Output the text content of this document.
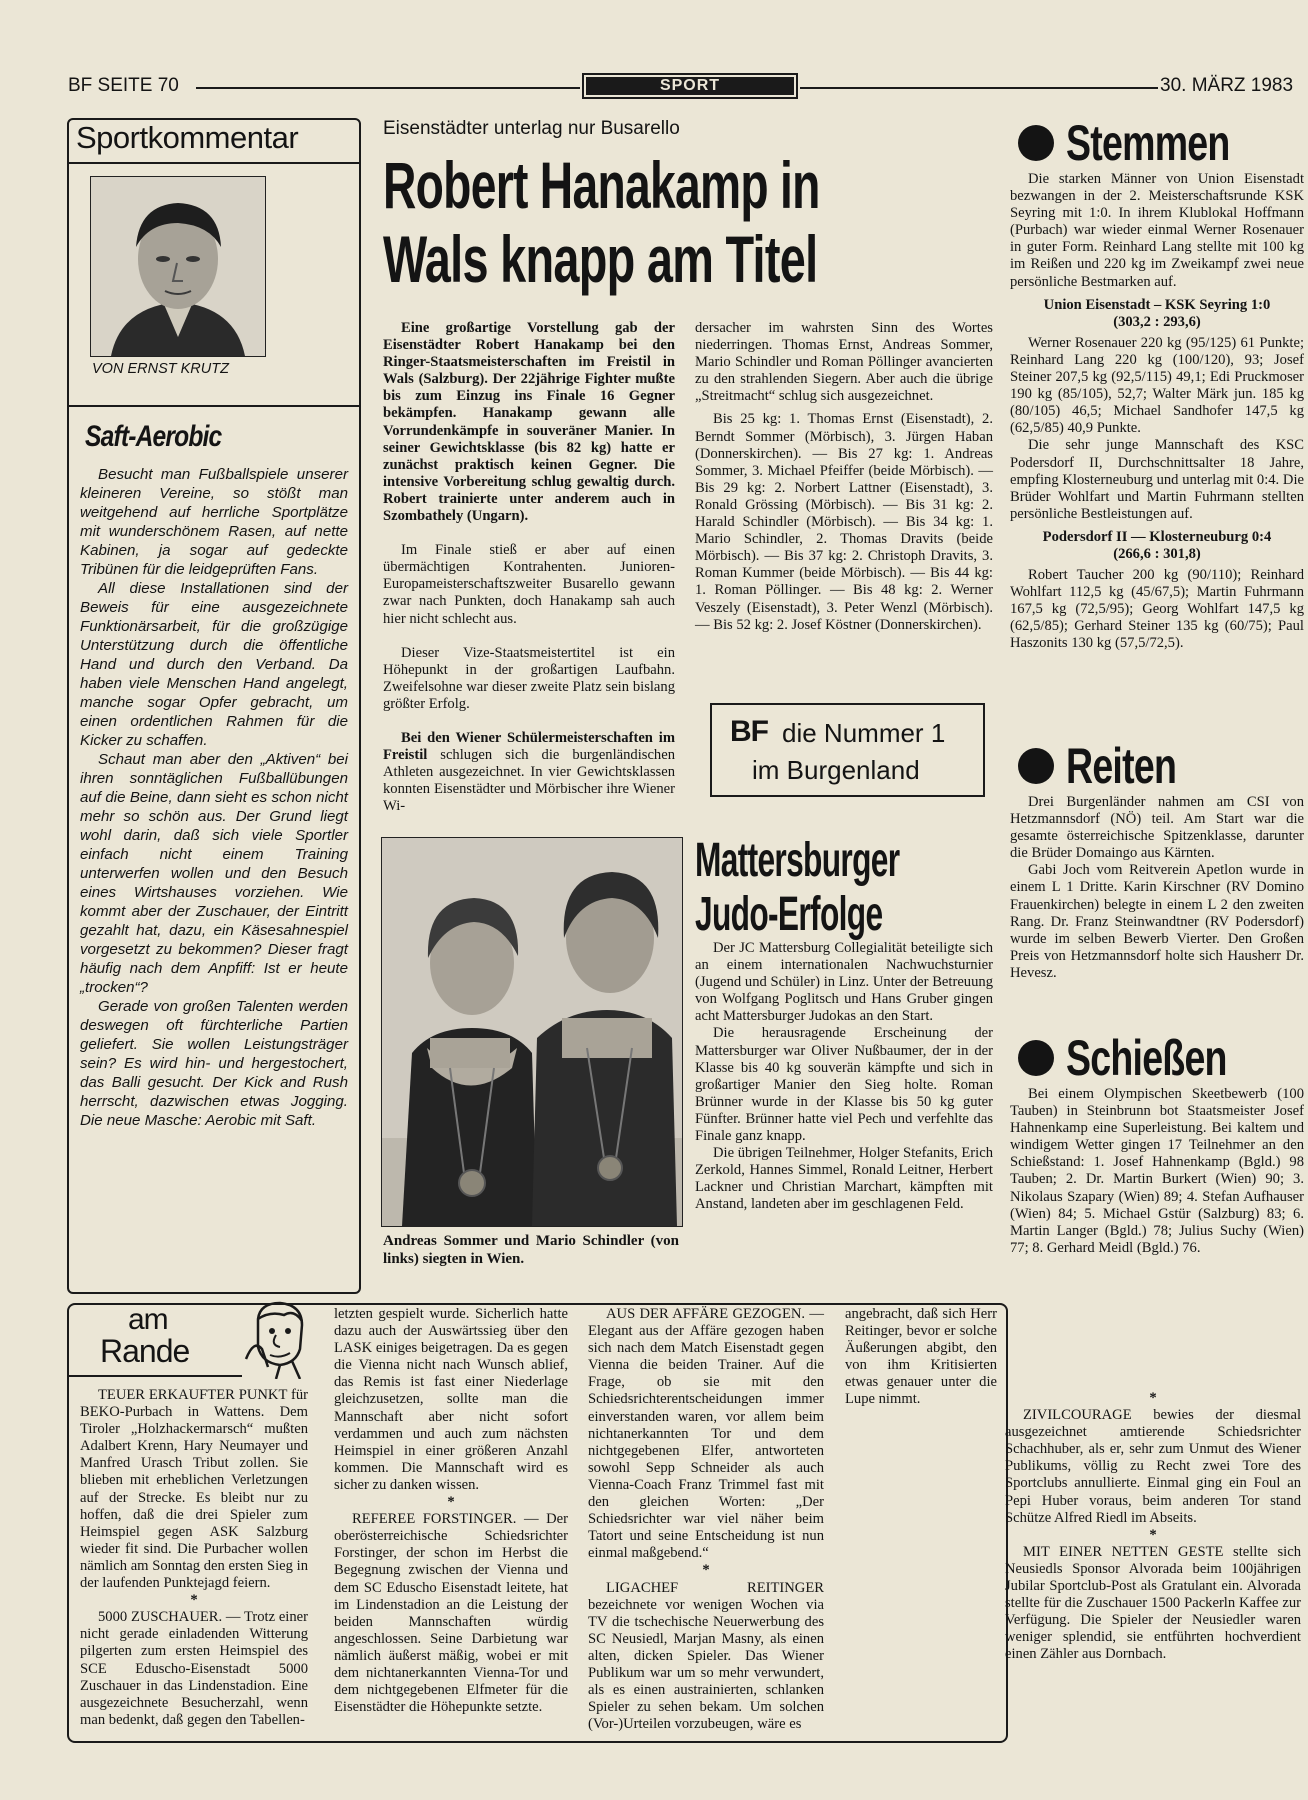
BF SEITE 70	SPORT	30. MÄRZ 1983
Sportkommentar
VON ERNST KRUTZ
Saft-Aerobic

Besucht man Fußballspiele unserer kleineren Vereine, so stößt man weitgehend auf herrliche Sportplätze mit wunderschönem Rasen, auf nette Kabinen, ja sogar auf gedeckte Tribünen für die leidgeprüften Fans.

All diese Installationen sind der Beweis für eine ausgezeichnete Funktionärsarbeit, für die großzügige Unterstützung durch die öffentliche Hand und durch den Verband. Da haben viele Menschen Hand angelegt, manche sogar Opfer gebracht, um einen ordentlichen Rahmen für die Kicker zu schaffen.

Schaut man aber den „Aktiven“ bei ihren sonntäglichen Fußballübungen auf die Beine, dann sieht es schon nicht mehr so schön aus. Der Grund liegt wohl darin, daß sich viele Sportler einfach nicht einem Training unterwerfen wollen und den Besuch eines Wirtshauses vorziehen. Wie kommt aber der Zuschauer, der Eintritt gezahlt hat, dazu, ein Käsesahnespiel vorgesetzt zu bekommen? Dieser fragt häufig nach dem Anpfiff: Ist er heute „trocken“?

Gerade von großen Talenten werden deswegen oft fürchterliche Partien geliefert. Sie wollen Leistungsträger sein? Es wird hin- und hergestochert, das Balli gesucht. Der Kick and Rush herrscht, dazwischen etwas Jogging. Die neue Masche: Aerobic mit Saft.

Eisenstädter unterlag nur Busarello
Robert Hanakamp in
Wals knapp am Titel

Eine großartige Vorstellung gab der Eisenstädter Robert Hanakamp bei den Ringer-Staatsmeisterschaften im Freistil in Wals (Salzburg). Der 22jährige Fighter mußte bis zum Einzug ins Finale 16 Gegner bekämpfen. Hanakamp gewann alle Vorrundenkämpfe in souveräner Manier. In seiner Gewichtsklasse (bis 82 kg) hatte er zunächst praktisch keinen Gegner. Die intensive Vorbereitung schlug gewaltig durch. Robert trainierte unter anderem auch in Szombathely (Ungarn).

Im Finale stieß er aber auf einen übermächtigen Kontrahenten. Junioren-Europameisterschaftszweiter Busarello gewann zwar nach Punkten, doch Hanakamp sah auch hier nicht schlecht aus.

Dieser Vize-Staatsmeistertitel ist ein Höhepunkt in der großartigen Laufbahn. Zweifelsohne war dieser zweite Platz sein bislang größter Erfolg.

Bei den Wiener Schülermeisterschaften im Freistil schlugen sich die burgenländischen Athleten ausgezeichnet. In vier Gewichtsklassen konnten Eisenstädter und Mörbischer ihre Wiener Wi-

dersacher im wahrsten Sinn des Wortes niederringen. Thomas Ernst, Andreas Sommer, Mario Schindler und Roman Pöllinger avancierten zu den strahlenden Siegern. Aber auch die übrige „Streitmacht“ schlug sich ausgezeichnet.

Bis 25 kg: 1. Thomas Ernst (Eisenstadt), 2. Berndt Sommer (Mörbisch), 3. Jürgen Haban (Donnerskirchen). — Bis 27 kg: 1. Andreas Sommer, 3. Michael Pfeiffer (beide Mörbisch). — Bis 29 kg: 2. Norbert Lattner (Eisenstadt), 3. Ronald Grössing (Mörbisch). — Bis 31 kg: 2. Harald Schindler (Mörbisch). — Bis 34 kg: 1. Mario Schindler, 2. Thomas Dravits (beide Mörbisch). — Bis 37 kg: 2. Christoph Dravits, 3. Roman Kummer (beide Mörbisch). — Bis 44 kg: 1. Roman Pöllinger. — Bis 48 kg: 2. Werner Veszely (Eisenstadt), 3. Peter Wenzl (Mörbisch). — Bis 52 kg: 2. Josef Köstner (Donnerskirchen).

BF die Nummer 1
im Burgenland

Andreas Sommer und Mario Schindler (von links) siegten in Wien.

Mattersburger
Judo-Erfolge

Der JC Mattersburg Collegialität beteiligte sich an einem internationalen Nachwuchsturnier (Jugend und Schüler) in Linz. Unter der Betreuung von Wolfgang Poglitsch und Hans Gruber gingen acht Mattersburger Judokas an den Start.

Die herausragende Erscheinung der Mattersburger war Oliver Nußbaumer, der in der Klasse bis 40 kg souverän kämpfte und sich in großartiger Manier den Sieg holte. Roman Brünner wurde in der Klasse bis 50 kg guter Fünfter. Brünner hatte viel Pech und verfehlte das Finale ganz knapp.

Die übrigen Teilnehmer, Holger Stefanits, Erich Zerkold, Hannes Simmel, Ronald Leitner, Herbert Lackner und Christian Marchart, kämpften mit Anstand, landeten aber im geschlagenen Feld.

Stemmen

Die starken Männer von Union Eisenstadt bezwangen in der 2. Meisterschaftsrunde KSK Seyring mit 1:0. In ihrem Klublokal Hoffmann (Purbach) war wieder einmal Werner Rosenauer in guter Form. Reinhard Lang stellte mit 100 kg im Reißen und 220 kg im Zweikampf zwei neue persönliche Bestmarken auf.

Union Eisenstadt – KSK Seyring 1:0

(303,2 : 293,6)

Werner Rosenauer 220 kg (95/125) 61 Punkte; Reinhard Lang 220 kg (100/120), 93; Josef Steiner 207,5 kg (92,5/115) 49,1; Edi Pruckmoser 190 kg (85/105), 52,7; Walter Märk jun. 185 kg (80/105) 46,5; Michael Sandhofer 147,5 kg (62,5/85) 40,9 Punkte.

Die sehr junge Mannschaft des KSC Podersdorf II, Durchschnittsalter 18 Jahre, empfing Klosterneuburg und unterlag mit 0:4. Die Brüder Wohlfart und Martin Fuhrmann stellten persönliche Bestleistungen auf.

Podersdorf II — Klosterneuburg 0:4

(266,6 : 301,8)

Robert Taucher 200 kg (90/110); Reinhard Wohlfart 112,5 kg (45/67,5); Martin Fuhrmann 167,5 kg (72,5/95); Georg Wohlfart 147,5 kg (62,5/85); Gerhard Steiner 135 kg (60/75); Paul Haszonits 130 kg (57,5/72,5).

Reiten

Drei Burgenländer nahmen am CSI von Hetzmannsdorf (NÖ) teil. Am Start war die gesamte österreichische Spitzenklasse, darunter die Brüder Domaingo aus Kärnten.

Gabi Joch vom Reitverein Apetlon wurde in einem L 1 Dritte. Karin Kirschner (RV Domino Frauenkirchen) belegte in einem L 2 den zweiten Rang. Dr. Franz Steinwandtner (RV Podersdorf) wurde im selben Bewerb Vierter. Den Großen Preis von Hetzmannsdorf holte sich Hausherr Dr. Hevesz.

Schießen

Bei einem Olympischen Skeetbewerb (100 Tauben) in Steinbrunn bot Staatsmeister Josef Hahnenkamp eine Superleistung. Bei kaltem und windigem Wetter gingen 17 Teilnehmer an den Schießstand: 1. Josef Hahnenkamp (Bgld.) 98 Tauben; 2. Dr. Martin Burkert (Wien) 90; 3. Nikolaus Szapary (Wien) 89; 4. Stefan Aufhauser (Wien) 84; 5. Michael Gstür (Salzburg) 83; 6. Martin Langer (Bgld.) 78; Julius Suchy (Wien) 77; 8. Gerhard Meidl (Bgld.) 76.

am
Rande

TEUER ERKAUFTER PUNKT für BEKO-Purbach in Wattens. Dem Tiroler „Holzhackermarsch“ mußten Adalbert Krenn, Hary Neumayer und Manfred Urasch Tribut zollen. Sie blieben mit erheblichen Verletzungen auf der Strecke. Es bleibt nur zu hoffen, daß die drei Spieler zum Heimspiel gegen ASK Salzburg wieder fit sind. Die Purbacher wollen nämlich am Sonntag den ersten Sieg in der laufenden Punktejagd feiern.

*

5000 ZUSCHAUER. — Trotz einer nicht gerade einladenden Witterung pilgerten zum ersten Heimspiel des SCE Eduscho-Eisenstadt 5000 Zuschauer in das Lindenstadion. Eine ausgezeichnete Besucherzahl, wenn man bedenkt, daß gegen den Tabellen-

letzten gespielt wurde. Sicherlich hatte dazu auch der Auswärtssieg über den LASK einiges beigetragen. Da es gegen die Vienna nicht nach Wunsch ablief, das Remis ist fast einer Niederlage gleichzusetzen, sollte man die Mannschaft aber nicht sofort verdammen und auch zum nächsten Heimspiel in einer größeren Anzahl kommen. Die Mannschaft wird es sicher zu danken wissen.

*

REFEREE FORSTINGER. — Der oberösterreichische Schiedsrichter Forstinger, der schon im Herbst die Begegnung zwischen der Vienna und dem SC Eduscho Eisenstadt leitete, hat im Lindenstadion an die Leistung der beiden Mannschaften würdig angeschlossen. Seine Darbietung war nämlich äußerst mäßig, wobei er mit dem nichtanerkannten Vienna-Tor und dem nichtgegebenen Elfmeter für die Eisenstädter die Höhepunkte setzte.

AUS DER AFFÄRE GEZOGEN. — Elegant aus der Affäre gezogen haben sich nach dem Match Eisenstadt gegen Vienna die beiden Trainer. Auf die Frage, ob sie mit den Schiedsrichterentscheidungen immer einverstanden waren, vor allem beim nichtanerkannten Tor und dem nichtgegebenen Elfer, antworteten sowohl Sepp Schneider als auch Vienna-Coach Franz Trimmel fast mit den gleichen Worten: „Der Schiedsrichter war viel näher beim Tatort und seine Entscheidung ist nun einmal maßgebend.“

*

LIGACHEF REITINGER bezeichnete vor wenigen Wochen via TV die tschechische Neuerwerbung des SC Neusiedl, Marjan Masny, als einen alten, dicken Spieler. Das Wiener Publikum war um so mehr verwundert, als es einen austrainierten, schlanken Spieler zu sehen bekam. Um solchen (Vor-)Urteilen vorzubeugen, wäre es

angebracht, daß sich Herr Reitinger, bevor er solche Äußerungen abgibt, den von ihm Kritisierten etwas genauer unter die Lupe nimmt.	*

ZIVILCOURAGE bewies der diesmal ausgezeichnet amtierende Schiedsrichter Schachhuber, als er, sehr zum Unmut des Wiener Publikums, völlig zu Recht zwei Tore des Sportclubs annullierte. Einmal ging ein Foul an Pepi Huber voraus, beim anderen Tor stand Schütze Alfred Riedl im Abseits.

*

MIT EINER NETTEN GESTE stellte sich Neusiedls Sponsor Alvorada beim 100jährigen Jubilar Sportclub-Post als Gratulant ein. Alvorada stellte für die Zuschauer 1500 Packerln Kaffee zur Verfügung. Die Spieler der Neusiedler waren weniger splendid, sie entführten hochverdient einen Zähler aus Dornbach.
